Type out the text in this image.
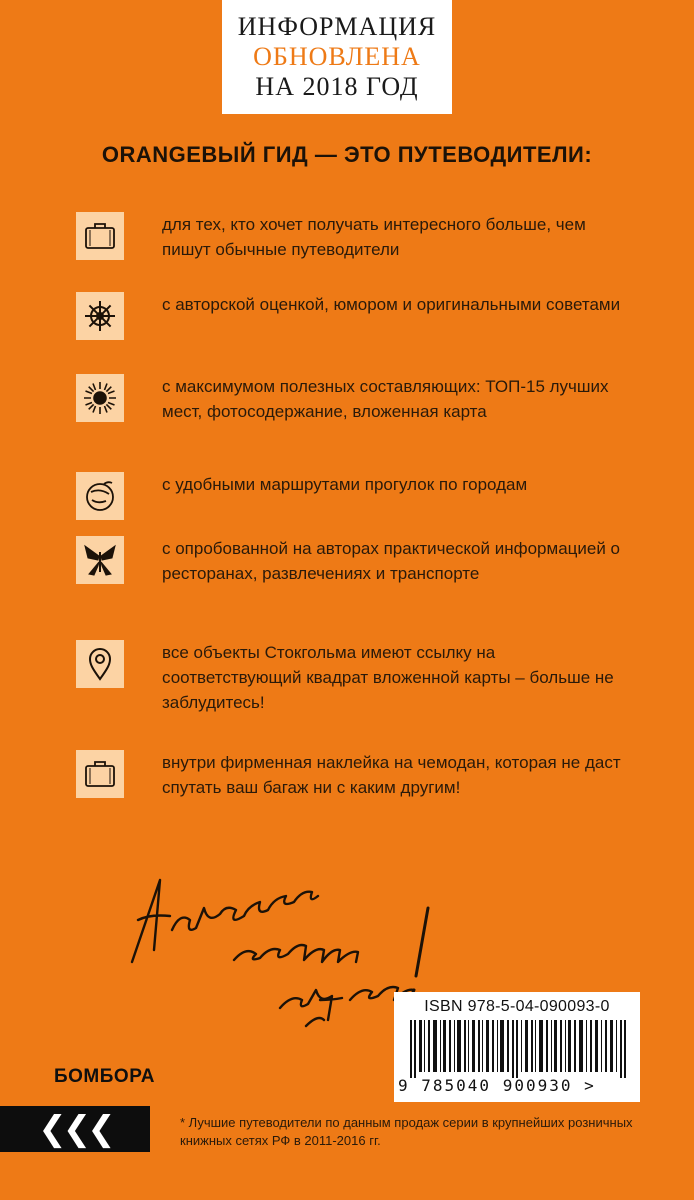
ИНФОРМАЦИЯ
ОБНОВЛЕНА
НА 2018 ГОД
ORANGEВЫЙ ГИД — ЭТО ПУТЕВОДИТЕЛИ:
для тех, кто хочет получать интересного больше, чем пишут обычные путеводители
с авторской оценкой, юмором и оригинальными советами
с максимумом полезных составляющих: ТОП-15 лучших мест, фотосодержание, вложенная карта
с удобными маршрутами прогулок по городам
с опробованной на авторах практической информацией о ресторанах, развлечениях и транспорте
все объекты Стокгольма имеют ссылку на соответствующий квадрат вложенной карты – больше не заблудитесь!
внутри фирменная наклейка на чемодан, которая не даст спутать ваш багаж ни с каким другим!
БОМБОРА
❮❮❮	* Лучшие путеводители по данным продаж серии в крупнейших розничных книжных сетях РФ в 2011-2016 гг.
ISBN 978-5-04-090093-0
9 785040 900930 >
